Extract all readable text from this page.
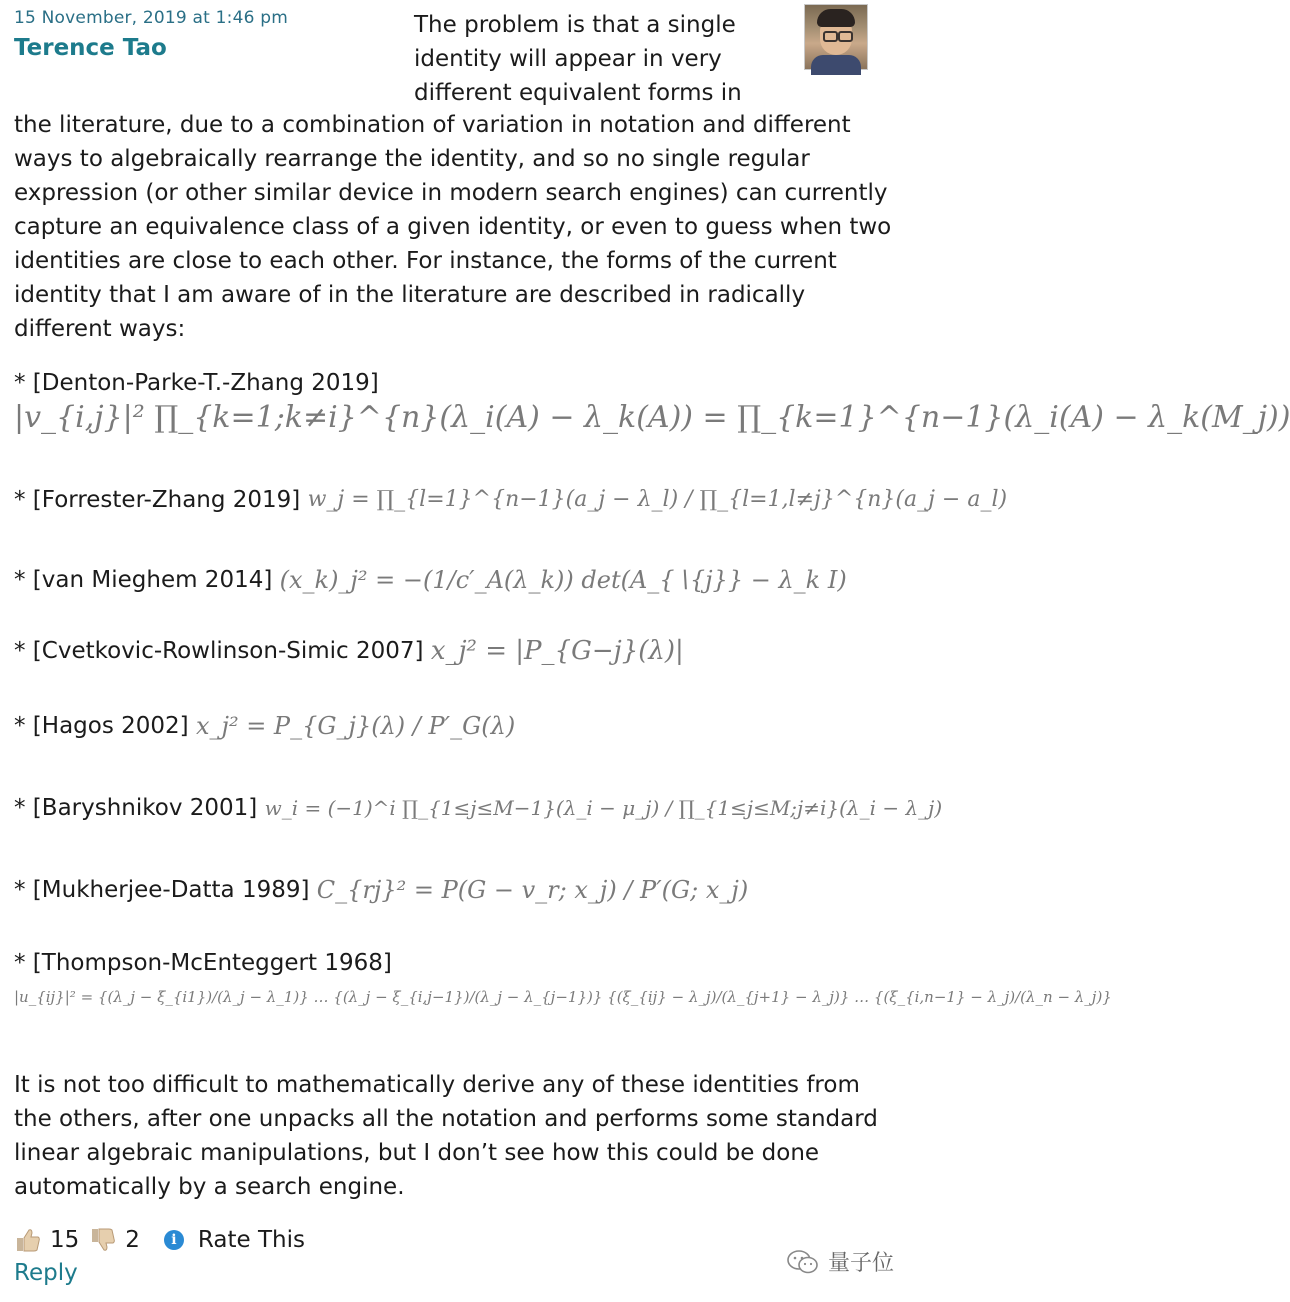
15 November, 2019 at 1:46 pm
Terence Tao
The problem is that a single identity will appear in very different equivalent forms in
the literature, due to a combination of variation in notation and different ways to algebraically rearrange the identity, and so no single regular expression (or other similar device in modern search engines) can currently capture an equivalence class of a given identity, or even to guess when two identities are close to each other. For instance, the forms of the current identity that I am aware of in the literature are described in radically different ways:
* [Denton-Parke-T.-Zhang 2019]
|v_{i,j}|² ∏_{k=1;k≠i}^{n}(λ_i(A) − λ_k(A)) = ∏_{k=1}^{n−1}(λ_i(A) − λ_k(M_j))
* [Forrester-Zhang 2019] w_j = ∏_{l=1}^{n−1}(a_j − λ_l) / ∏_{l=1,l≠j}^{n}(a_j − a_l)
* [van Mieghem 2014] (x_k)_j² = −(1/c′_A(λ_k)) det(A_{∖{j}} − λ_k I)
* [Cvetkovic-Rowlinson-Simic 2007] x_j² = |P_{G−j}(λ)|
* [Hagos 2002] x_j² = P_{G_j}(λ) / P′_G(λ)
* [Baryshnikov 2001] w_i = (−1)^i ∏_{1≤j≤M−1}(λ_i − μ_j) / ∏_{1≤j≤M;j≠i}(λ_i − λ_j)
* [Mukherjee-Datta 1989] C_{rj}² = P(G − v_r; x_j) / P′(G; x_j)
* [Thompson-McEnteggert 1968]
|u_{ij}|² = {(λ_j − ξ_{i1})/(λ_j − λ_1)} … {(λ_j − ξ_{i,j−1})/(λ_j − λ_{j−1})} {(ξ_{ij} − λ_j)/(λ_{j+1} − λ_j)} … {(ξ_{i,n−1} − λ_j)/(λ_n − λ_j)}
It is not too difficult to mathematically derive any of these identities from the others, after one unpacks all the notation and performs some standard linear algebraic manipulations, but I don’t see how this could be done automatically by a search engine.
15 2	i Rate This
Reply	量子位
